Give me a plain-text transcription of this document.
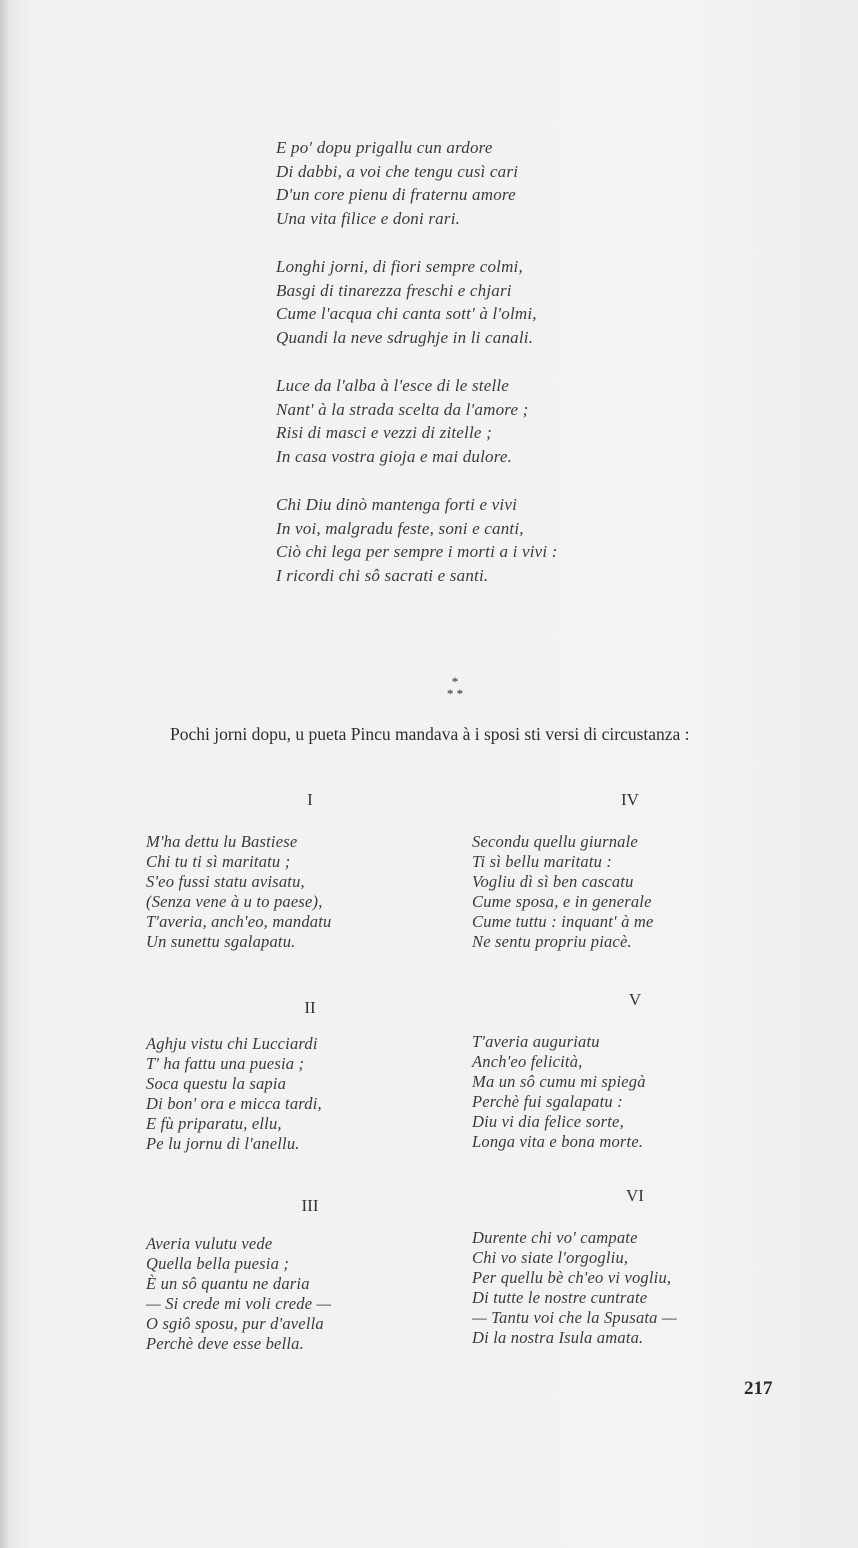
E po' dopu prigallu cun ardore
Di dabbi, a voi che tengu cusì cari
D'un core pienu di fraternu amore
Una vita filice e doni rari.
Longhi jorni, di fiori sempre colmi,
Basgi di tinarezza freschi e chjari
Cume l'acqua chi canta sott' à l'olmi,
Quandi la neve sdrughje in li canali.
Luce da l'alba à l'esce di le stelle
Nant' à la strada scelta da l'amore ;
Risi di masci e vezzi di zitelle ;
In casa vostra gioja e mai dulore.
Chi Diu dinò mantenga forti e vivi
In voi, malgradu feste, soni e canti,
Ciò chi lega per sempre i morti a i vivi :
I ricordi chi sô sacrati e santi.
*
* *
Pochi jorni dopu, u pueta Pincu mandava à i sposi sti versi di circustanza :
I
M'ha dettu lu Bastiese
Chi tu ti sì maritatu ;
S'eo fussi statu avisatu,
(Senza vene à u to paese),
T'averia, anch'eo, mandatu
Un sunettu sgalapatu.
II
Aghju vistu chi Lucciardi
T' ha fattu una puesia ;
Soca questu la sapia
Di bon' ora e micca tardi,
E fù priparatu, ellu,
Pe lu jornu di l'anellu.
III
Averia vulutu vede
Quella bella puesia ;
È un sô quantu ne daria
— Si crede mi voli crede —
O sgiô sposu, pur d'avella
Perchè deve esse bella.
IV
Secondu quellu giurnale
Ti sì bellu maritatu :
Vogliu dì sì ben cascatu
Cume sposa, e in generale
Cume tuttu : inquant' à me
Ne sentu propriu piacè.
V
T'averia auguriatu
Anch'eo felicità,
Ma un sô cumu mi spiegà
Perchè fui sgalapatu :
Diu vi dia felice sorte,
Longa vita e bona morte.
VI
Durente chi vo' campate
Chi vo siate l'orgogliu,
Per quellu bè ch'eo vi vogliu,
Di tutte le nostre cuntrate
— Tantu voi che la Spusata —
Di la nostra Isula amata.
217
